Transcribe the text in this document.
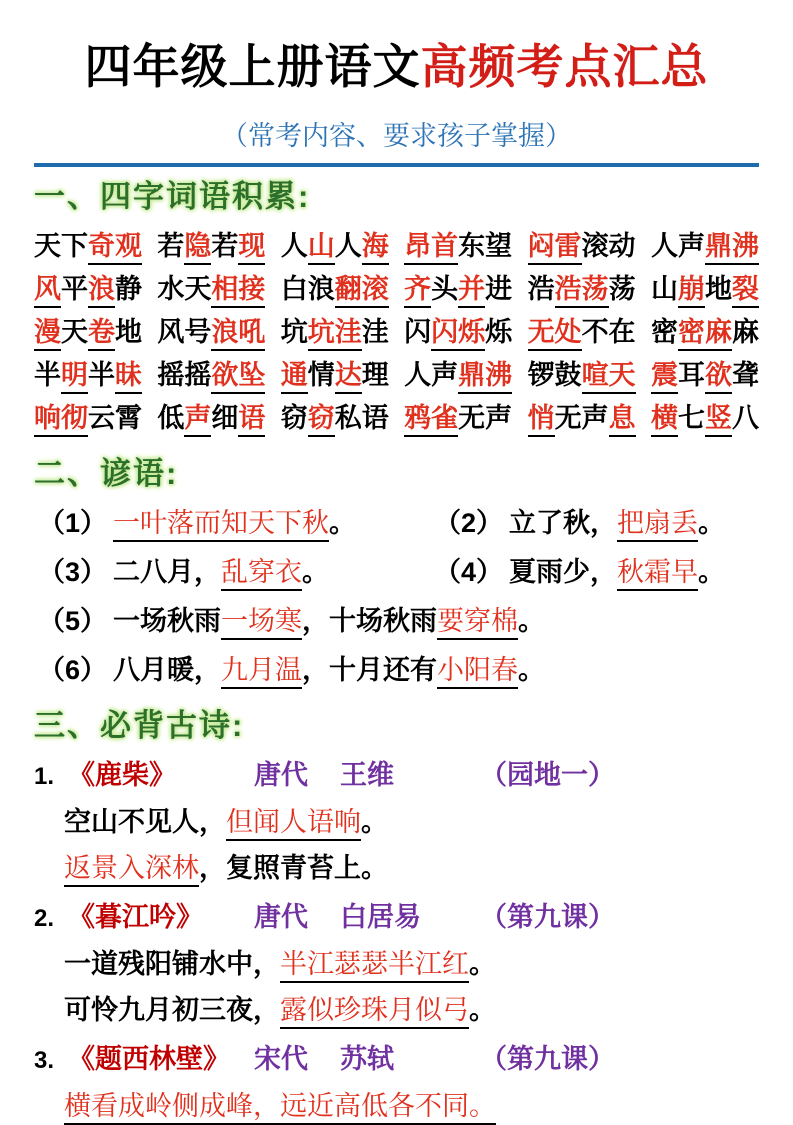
四年级上册语文高频考点汇总
（常考内容、要求孩子掌握）
一、四字词语积累:
天下奇观 若隐若现 人山人海 昂首东望 闷雷滚动 人声鼎沸
风平浪静 水天相接 白浪翻滚 齐头并进 浩浩荡荡 山崩地裂
漫天卷地 风号浪吼 坑坑洼洼 闪闪烁烁 无处不在 密密麻麻
半明半昧 摇摇欲坠 通情达理 人声鼎沸 锣鼓喧天 震耳欲聋
响彻云霄 低声细语 窃窃私语 鸦雀无声 悄无声息 横七竖八
二、谚语:
（1） 一叶落而知天下秋。	（2） 立了秋，把扇丢。
（3） 二八月，乱穿衣。	（4） 夏雨少，秋霜早。
（5） 一场秋雨一场寒，十场秋雨要穿棉。
（6） 八月暖，九月温，十月还有小阳春。
三、必背古诗:
1. 《鹿柴》	唐代	王维	（园地一）
空山不见人，但闻人语响。
返景入深林，复照青苔上。
2. 《暮江吟》	唐代	白居易	（第九课）
一道残阳铺水中，半江瑟瑟半江红。
可怜九月初三夜，露似珍珠月似弓。
3. 《题西林壁》 宋代	苏轼	（第九课）
横看成岭侧成峰，远近高低各不同。
